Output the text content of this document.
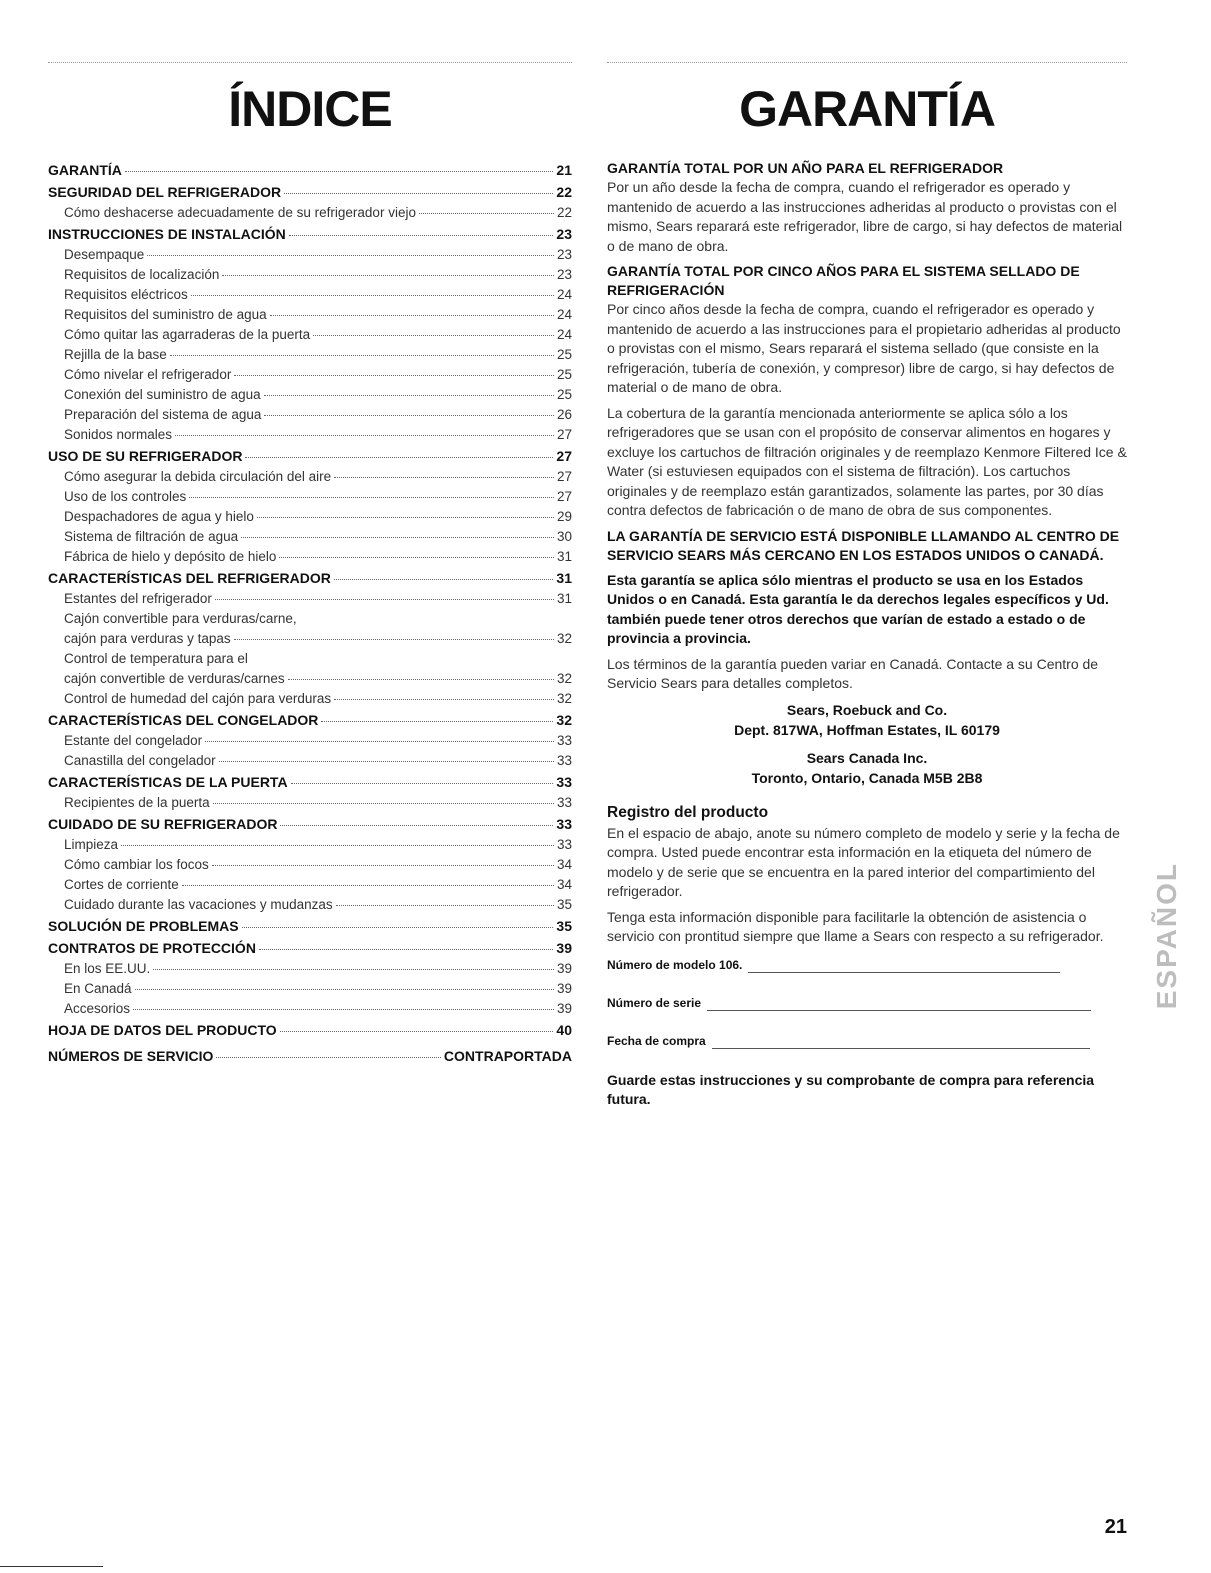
ÍNDICE
GARANTÍA	21
SEGURIDAD DEL REFRIGERADOR	22
Cómo deshacerse adecuadamente de su refrigerador viejo	22
INSTRUCCIONES DE INSTALACIÓN	23
Desempaque	23
Requisitos de localización	23
Requisitos eléctricos	24
Requisitos del suministro de agua	24
Cómo quitar las agarraderas de la puerta	24
Rejilla de la base	25
Cómo nivelar el refrigerador	25
Conexión del suministro de agua	25
Preparación del sistema de agua	26
Sonidos normales	27
USO DE SU REFRIGERADOR	27
Cómo asegurar la debida circulación del aire	27
Uso de los controles	27
Despachadores de agua y hielo	29
Sistema de filtración de agua	30
Fábrica de hielo y depósito de hielo	31
CARACTERÍSTICAS DEL REFRIGERADOR	31
Estantes del refrigerador	31
Cajón convertible para verduras/carne,
cajón para verduras y tapas	32
Control de temperatura para el
cajón convertible de verduras/carnes	32
Control de humedad del cajón para verduras	32
CARACTERÍSTICAS DEL CONGELADOR	32
Estante del congelador	33
Canastilla del congelador	33
CARACTERÍSTICAS DE LA PUERTA	33
Recipientes de la puerta	33
CUIDADO DE SU REFRIGERADOR	33
Limpieza	33
Cómo cambiar los focos	34
Cortes de corriente	34
Cuidado durante las vacaciones y mudanzas	35
SOLUCIÓN DE PROBLEMAS	35
CONTRATOS DE PROTECCIÓN	39
En los EE.UU.	39
En Canadá	39
Accesorios	39
HOJA DE DATOS DEL PRODUCTO	40
NÚMEROS DE SERVICIO	CONTRAPORTADA
GARANTÍA

GARANTÍA TOTAL POR UN AÑO PARA EL REFRIGERADOR

Por un año desde la fecha de compra, cuando el refrigerador es operado y mantenido de acuerdo a las instrucciones adheridas al producto o provistas con el mismo, Sears reparará este refrigerador, libre de cargo, si hay defectos de material o de mano de obra.

GARANTÍA TOTAL POR CINCO AÑOS PARA EL SISTEMA SELLADO DE REFRIGERACIÓN

Por cinco años desde la fecha de compra, cuando el refrigerador es operado y mantenido de acuerdo a las instrucciones para el propietario adheridas al producto o provistas con el mismo, Sears reparará el sistema sellado (que consiste en la refrigeración, tubería de conexión, y compresor) libre de cargo, si hay defectos de material o de mano de obra.

La cobertura de la garantía mencionada anteriormente se aplica sólo a los refrigeradores que se usan con el propósito de conservar alimentos en hogares y excluye los cartuchos de filtración originales y de reemplazo Kenmore Filtered Ice & Water (si estuviesen equipados con el sistema de filtración). Los cartuchos originales y de reemplazo están garantizados, solamente las partes, por 30 días contra defectos de fabricación o de mano de obra de sus componentes.

LA GARANTÍA DE SERVICIO ESTÁ DISPONIBLE LLAMANDO AL CENTRO DE SERVICIO SEARS MÁS CERCANO EN LOS ESTADOS UNIDOS O CANADÁ.

Esta garantía se aplica sólo mientras el producto se usa en los Estados Unidos o en Canadá. Esta garantía le da derechos legales específicos y Ud. también puede tener otros derechos que varían de estado a estado o de provincia a provincia.

Los términos de la garantía pueden variar en Canadá. Contacte a su Centro de Servicio Sears para detalles completos.

Sears, Roebuck and Co.

Dept. 817WA, Hoffman Estates, IL 60179

Sears Canada Inc.

Toronto, Ontario, Canada M5B 2B8

Registro del producto

En el espacio de abajo, anote su número completo de modelo y serie y la fecha de compra. Usted puede encontrar esta información en la etiqueta del número de modelo y de serie que se encuentra en la pared interior del compartimiento del refrigerador.

Tenga esta información disponible para facilitarle la obtención de asistencia o servicio con prontitud siempre que llame a Sears con respecto a su refrigerador.

Número de modelo 106.
Número de serie
Fecha de compra

Guarde estas instrucciones y su comprobante de compra para referencia futura.

ESPAÑOL
21
